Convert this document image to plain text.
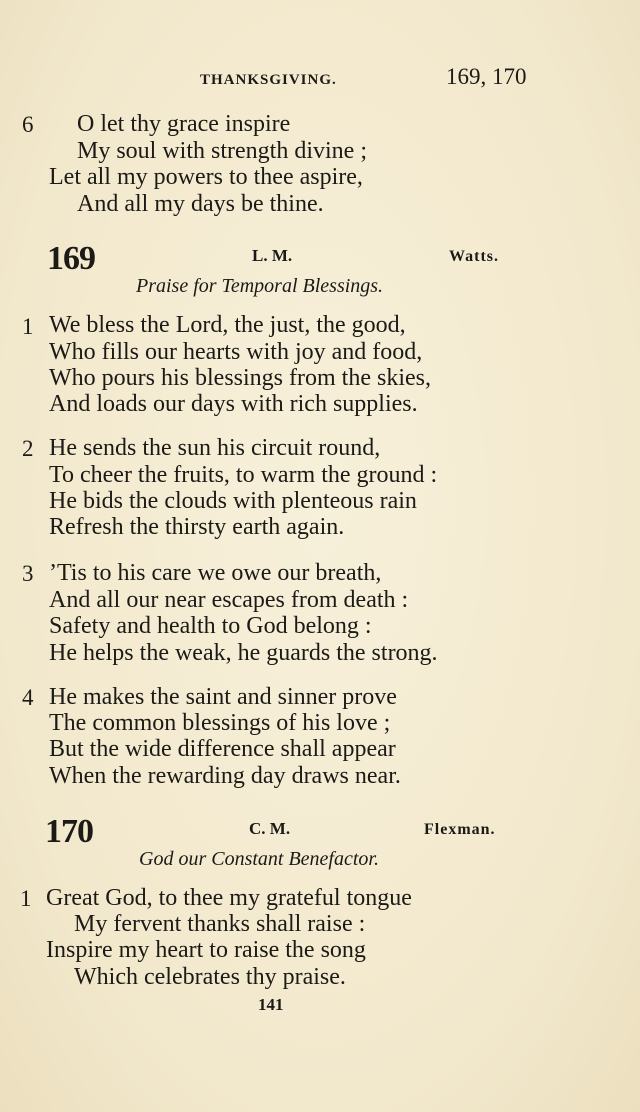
THANKSGIVING.	169, 170
6 O let thy grace inspire
My soul with strength divine ;
Let all my powers to thee aspire,
And all my days be thine.
169	L. M.	Watts.
Praise for Temporal Blessings.
1 We bless the Lord, the just, the good,
Who fills our hearts with joy and food,
Who pours his blessings from the skies,
And loads our days with rich supplies.
2 He sends the sun his circuit round,
To cheer the fruits, to warm the ground :
He bids the clouds with plenteous rain
Refresh the thirsty earth again.
3 ’Tis to his care we owe our breath,
And all our near escapes from death :
Safety and health to God belong :
He helps the weak, he guards the strong.
4 He makes the saint and sinner prove
The common blessings of his love ;
But the wide difference shall appear
When the rewarding day draws near.
170	C. M.	Flexman.
God our Constant Benefactor.
1 Great God, to thee my grateful tongue
My fervent thanks shall raise :
Inspire my heart to raise the song
Which celebrates thy praise.
141
